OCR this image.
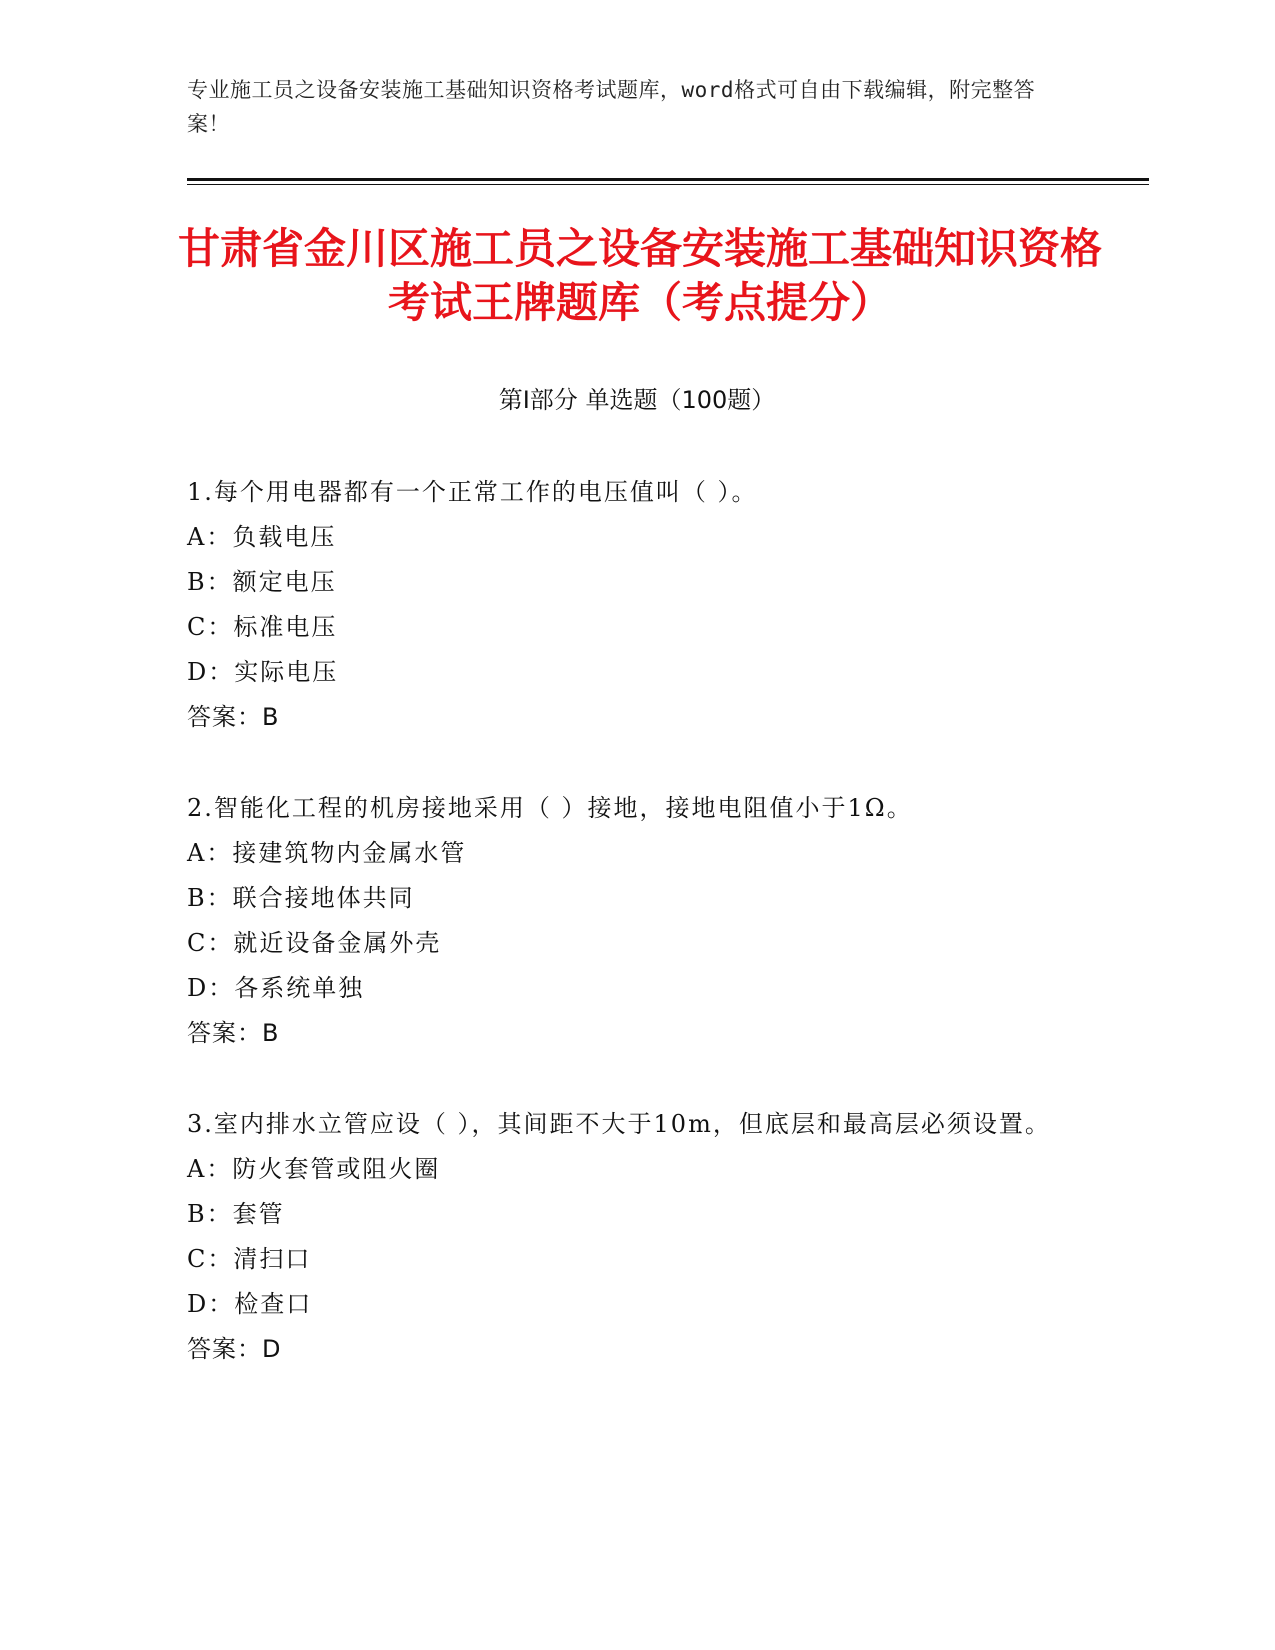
专业施工员之设备安装施工基础知识资格考试题库，word格式可自由下载编辑，附完整答案！
甘肃省金川区施工员之设备安装施工基础知识资格考试王牌题库（考点提分）
第Ⅰ部分 单选题（100题）
1.每个用电器都有一个正常工作的电压值叫（ ）。
A：负载电压
B：额定电压
C：标准电压
D：实际电压
答案：B
2.智能化工程的机房接地采用（ ）接地，接地电阻值小于1Ω。
A：接建筑物内金属水管
B：联合接地体共同
C：就近设备金属外壳
D：各系统单独
答案：B
3.室内排水立管应设（ ），其间距不大于10m，但底层和最高层必须设置。
A：防火套管或阻火圈
B：套管
C：清扫口
D：检查口
答案：D
